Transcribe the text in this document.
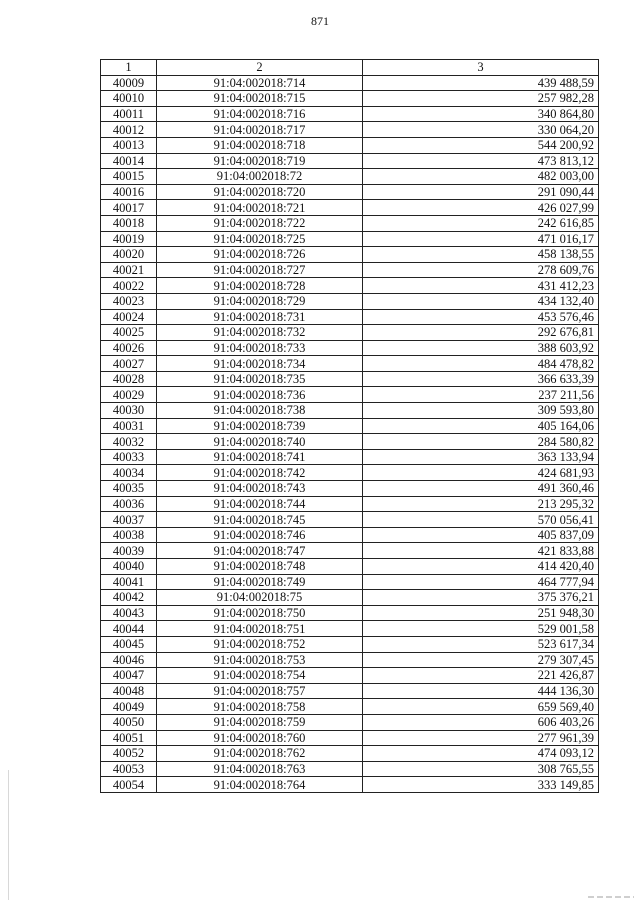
871
1	2	3
40009	91:04:002018:714	439 488,59
40010	91:04:002018:715	257 982,28
40011	91:04:002018:716	340 864,80
40012	91:04:002018:717	330 064,20
40013	91:04:002018:718	544 200,92
40014	91:04:002018:719	473 813,12
40015	91:04:002018:72	482 003,00
40016	91:04:002018:720	291 090,44
40017	91:04:002018:721	426 027,99
40018	91:04:002018:722	242 616,85
40019	91:04:002018:725	471 016,17
40020	91:04:002018:726	458 138,55
40021	91:04:002018:727	278 609,76
40022	91:04:002018:728	431 412,23
40023	91:04:002018:729	434 132,40
40024	91:04:002018:731	453 576,46
40025	91:04:002018:732	292 676,81
40026	91:04:002018:733	388 603,92
40027	91:04:002018:734	484 478,82
40028	91:04:002018:735	366 633,39
40029	91:04:002018:736	237 211,56
40030	91:04:002018:738	309 593,80
40031	91:04:002018:739	405 164,06
40032	91:04:002018:740	284 580,82
40033	91:04:002018:741	363 133,94
40034	91:04:002018:742	424 681,93
40035	91:04:002018:743	491 360,46
40036	91:04:002018:744	213 295,32
40037	91:04:002018:745	570 056,41
40038	91:04:002018:746	405 837,09
40039	91:04:002018:747	421 833,88
40040	91:04:002018:748	414 420,40
40041	91:04:002018:749	464 777,94
40042	91:04:002018:75	375 376,21
40043	91:04:002018:750	251 948,30
40044	91:04:002018:751	529 001,58
40045	91:04:002018:752	523 617,34
40046	91:04:002018:753	279 307,45
40047	91:04:002018:754	221 426,87
40048	91:04:002018:757	444 136,30
40049	91:04:002018:758	659 569,40
40050	91:04:002018:759	606 403,26
40051	91:04:002018:760	277 961,39
40052	91:04:002018:762	474 093,12
40053	91:04:002018:763	308 765,55
40054	91:04:002018:764	333 149,85
